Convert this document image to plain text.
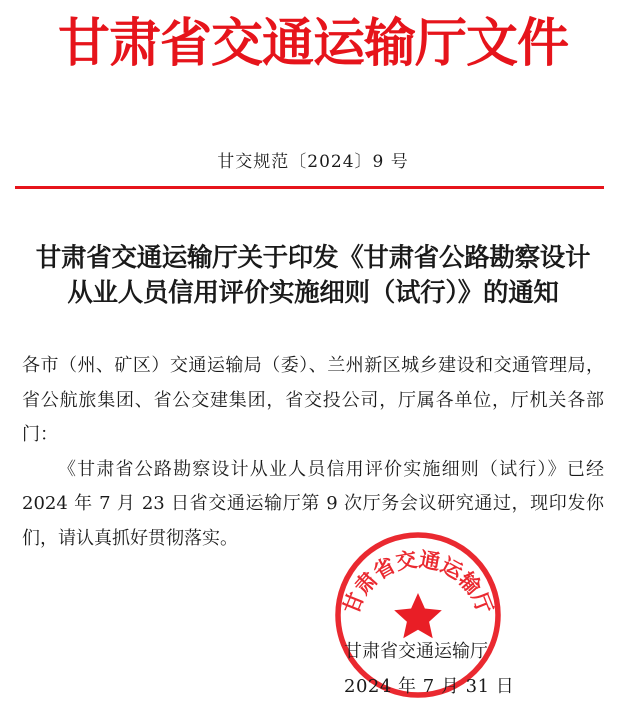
甘肃省交通运输厅文件
甘交规范〔2024〕9 号
甘肃省交通运输厅关于印发《甘肃省公路勘察设计
从业人员信用评价实施细则（试行）》的通知

各市（州、矿区）交通运输局（委）、兰州新区城乡建设和交通管理局，省公航旅集团、省公交建集团，省交投公司，厅属各单位，厅机关各部门：

《甘肃省公路勘察设计从业人员信用评价实施细则（试行）》已经 2024 年 7 月 23 日省交通运输厅第 9 次厅务会议研究通过，现印发你们，请认真抓好贯彻落实。

甘肃省交通运输厅
甘肃省交通运输厅
2024 年 7 月 31 日
